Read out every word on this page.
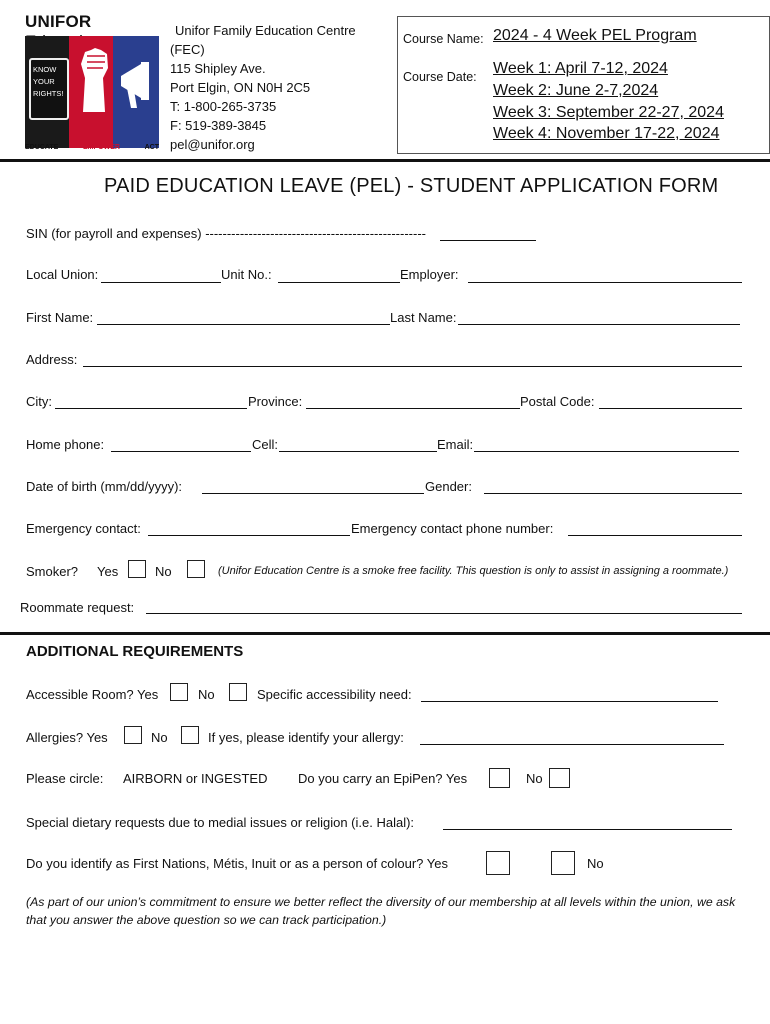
UNIFOR
KNOW YOUR RIGHTS!
EDUCATE	EMPOWER	ACT
Unifor Family Education Centre
(FEC)
115 Shipley Ave.
Port Elgin, ON N0H 2C5
T: 1-800-265-3735
F: 519-389-3845
pel@unifor.org
Course Name: 2024 - 4 Week PEL Program
Course Date: Week 1: April 7-12, 2024
Week 2: June 2-7,2024
Week 3: September 22-27, 2024
Week 4: November 17-22, 2024
PAID EDUCATION LEAVE (PEL) - STUDENT APPLICATION FORM
SIN (for payroll and expenses) ---------------------------------------------------
Local Union:	Unit No.:	Employer:
First Name:	Last Name:
Address:
City:	Province:	Postal Code:
Home phone:	Cell:	Email:
Date of birth (mm/dd/yyyy):	Gender:
Emergency contact:	Emergency contact phone number:
Smoker? Yes	No	(Unifor Education Centre is a smoke free facility. This question is only to assist in assigning a roommate.)
Roommate request:
ADDITIONAL REQUIREMENTS
Accessible Room? Yes	No	Specific accessibility need:
Allergies? Yes	No	If yes, please identify your allergy:
Please circle: AIRBORN or INGESTED Do you carry an EpiPen? Yes	No
Special dietary requests due to medial issues or religion (i.e. Halal):
Do you identify as First Nations, Métis, Inuit or as a person of colour? Yes	No
(As part of our union’s commitment to ensure we better reflect the diversity of our membership at all levels within the union, we ask that you answer the above question so we can track participation.)
